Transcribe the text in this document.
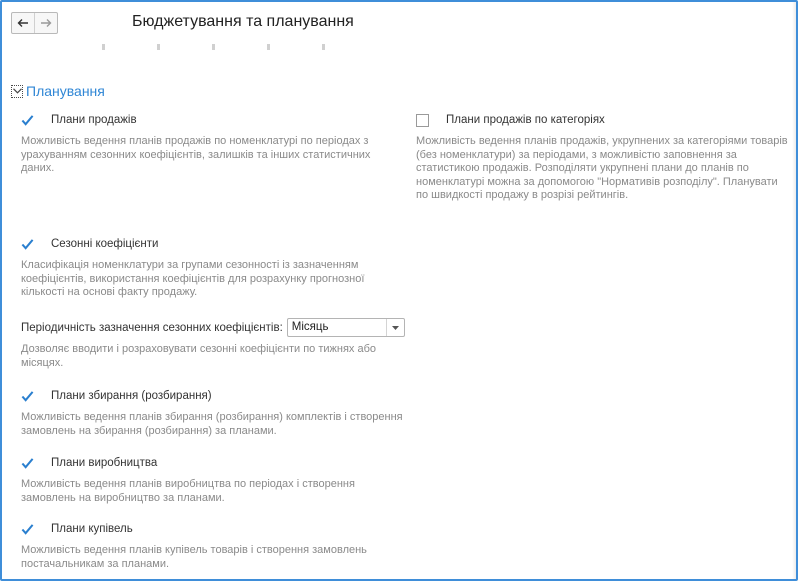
Бюджетування та планування
Планування
Плани продажів
Можливість ведення планів продажів по номенклатурі по періодах з урахуванням сезонних коефіцієнтів, залишків та інших статистичних даних.
Плани продажів по категоріях
Можливість ведення планів продажів, укрупнених за категоріями товарів (без номенклатури) за періодами, з можливістю заповнення за статистикою продажів. Розподіляти укрупнені плани до планів по номенклатурі можна за допомогою "Нормативів розподілу". Планувати по швидкості продажу в розрізі рейтингів.
Сезонні коефіцієнти
Класифікація номенклатури за групами сезонності із зазначенням коефіцієнтів, використання коефіцієнтів для розрахунку прогнозної кількості на основі факту продажу.
Періодичність зазначення сезонних коефіцієнтів: Місяць
Дозволяє вводити і розраховувати сезонні коефіцієнти по тижнях або місяцях.
Плани збирання (розбирання)
Можливість ведення планів збирання (розбирання) комплектів і створення замовлень на збирання (розбирання) за планами.
Плани виробництва
Можливість ведення планів виробництва по періодах і створення замовлень на виробництво за планами.
Плани купівель
Можливість ведення планів купівель товарів і створення замовлень постачальникам за планами.
